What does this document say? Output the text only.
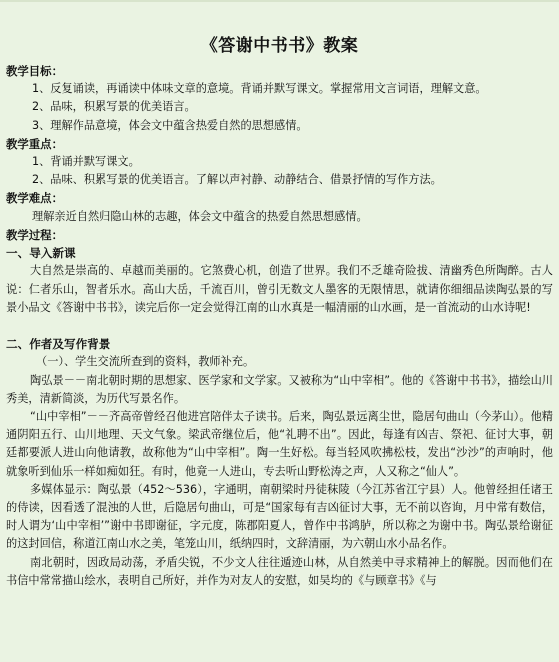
《答谢中书书》教案
教学目标：
1、反复诵读，再诵读中体味文章的意境。背诵并默写课文。掌握常用文言词语，理解文意。
2、品味，积累写景的优美语言。
3、理解作品意境，体会文中蕴含热爱自然的思想感情。
教学重点：
1、背诵并默写课文。
2、品味、积累写景的优美语言。了解以声衬静、动静结合、借景抒情的写作方法。
教学难点：
理解亲近自然归隐山林的志趣，体会文中蕴含的热爱自然思想感情。
教学过程：
一、导入新课

大自然是崇高的、卓越而美丽的。它煞费心机，创造了世界。我们不乏雄奇险拔、清幽秀色所陶醉。古人说：仁者乐山，智者乐水。高山大岳，千流百川，曾引无数文人墨客的无限情思，就请你细细品读陶弘景的写景小品文《答谢中书书》，读完后你一定会觉得江南的山水真是一幅清丽的山水画，是一首流动的山水诗呢!

二、作者及写作背景
（一）、学生交流所查到的资料，教师补充。

陶弘景－－南北朝时期的思想家、医学家和文学家。又被称为“山中宰相”。他的《答谢中书书》，描绘山川秀美，清新简淡，为历代写景名作。

“山中宰相”－－齐高帝曾经召他进宫陪伴太子读书。后来，陶弘景远离尘世，隐居句曲山（今茅山）。他精通阴阳五行、山川地理、天文气象。梁武帝继位后，他“礼聘不出”。因此，每逢有凶吉、祭祀、征讨大事，朝廷都要派人进山向他请教，故称他为“山中宰相”。陶一生好松。每当轻风吹拂松枝，发出“沙沙”的声响时，他就象听到仙乐一样如痴如狂。有时，他竟一人进山，专去听山野松涛之声，人又称之“仙人”。

多媒体显示：陶弘景（452～536），字通明，南朝梁时丹徒秣陵（今江苏省江宁县）人。他曾经担任诸王的侍读，因看透了混浊的人世，后隐居句曲山，可是“国家每有吉凶征讨大事，无不前以咨询，月中常有数信，时人谓为‘山中宰相’”谢中书即谢征，字元度，陈郡阳夏人，曾作中书鸿胪，所以称之为谢中书。陶弘景给谢征的这封回信，称道江南山水之美，笔笼山川，纸纳四时，文辞清丽，为六朝山水小品名作。

南北朝时，因政局动荡，矛盾尖锐，不少文人往往遁迹山林，从自然美中寻求精神上的解脱。因而他们在书信中常常描山绘水，表明自己所好，并作为对友人的安慰，如吴均的《与顾章书》《与
